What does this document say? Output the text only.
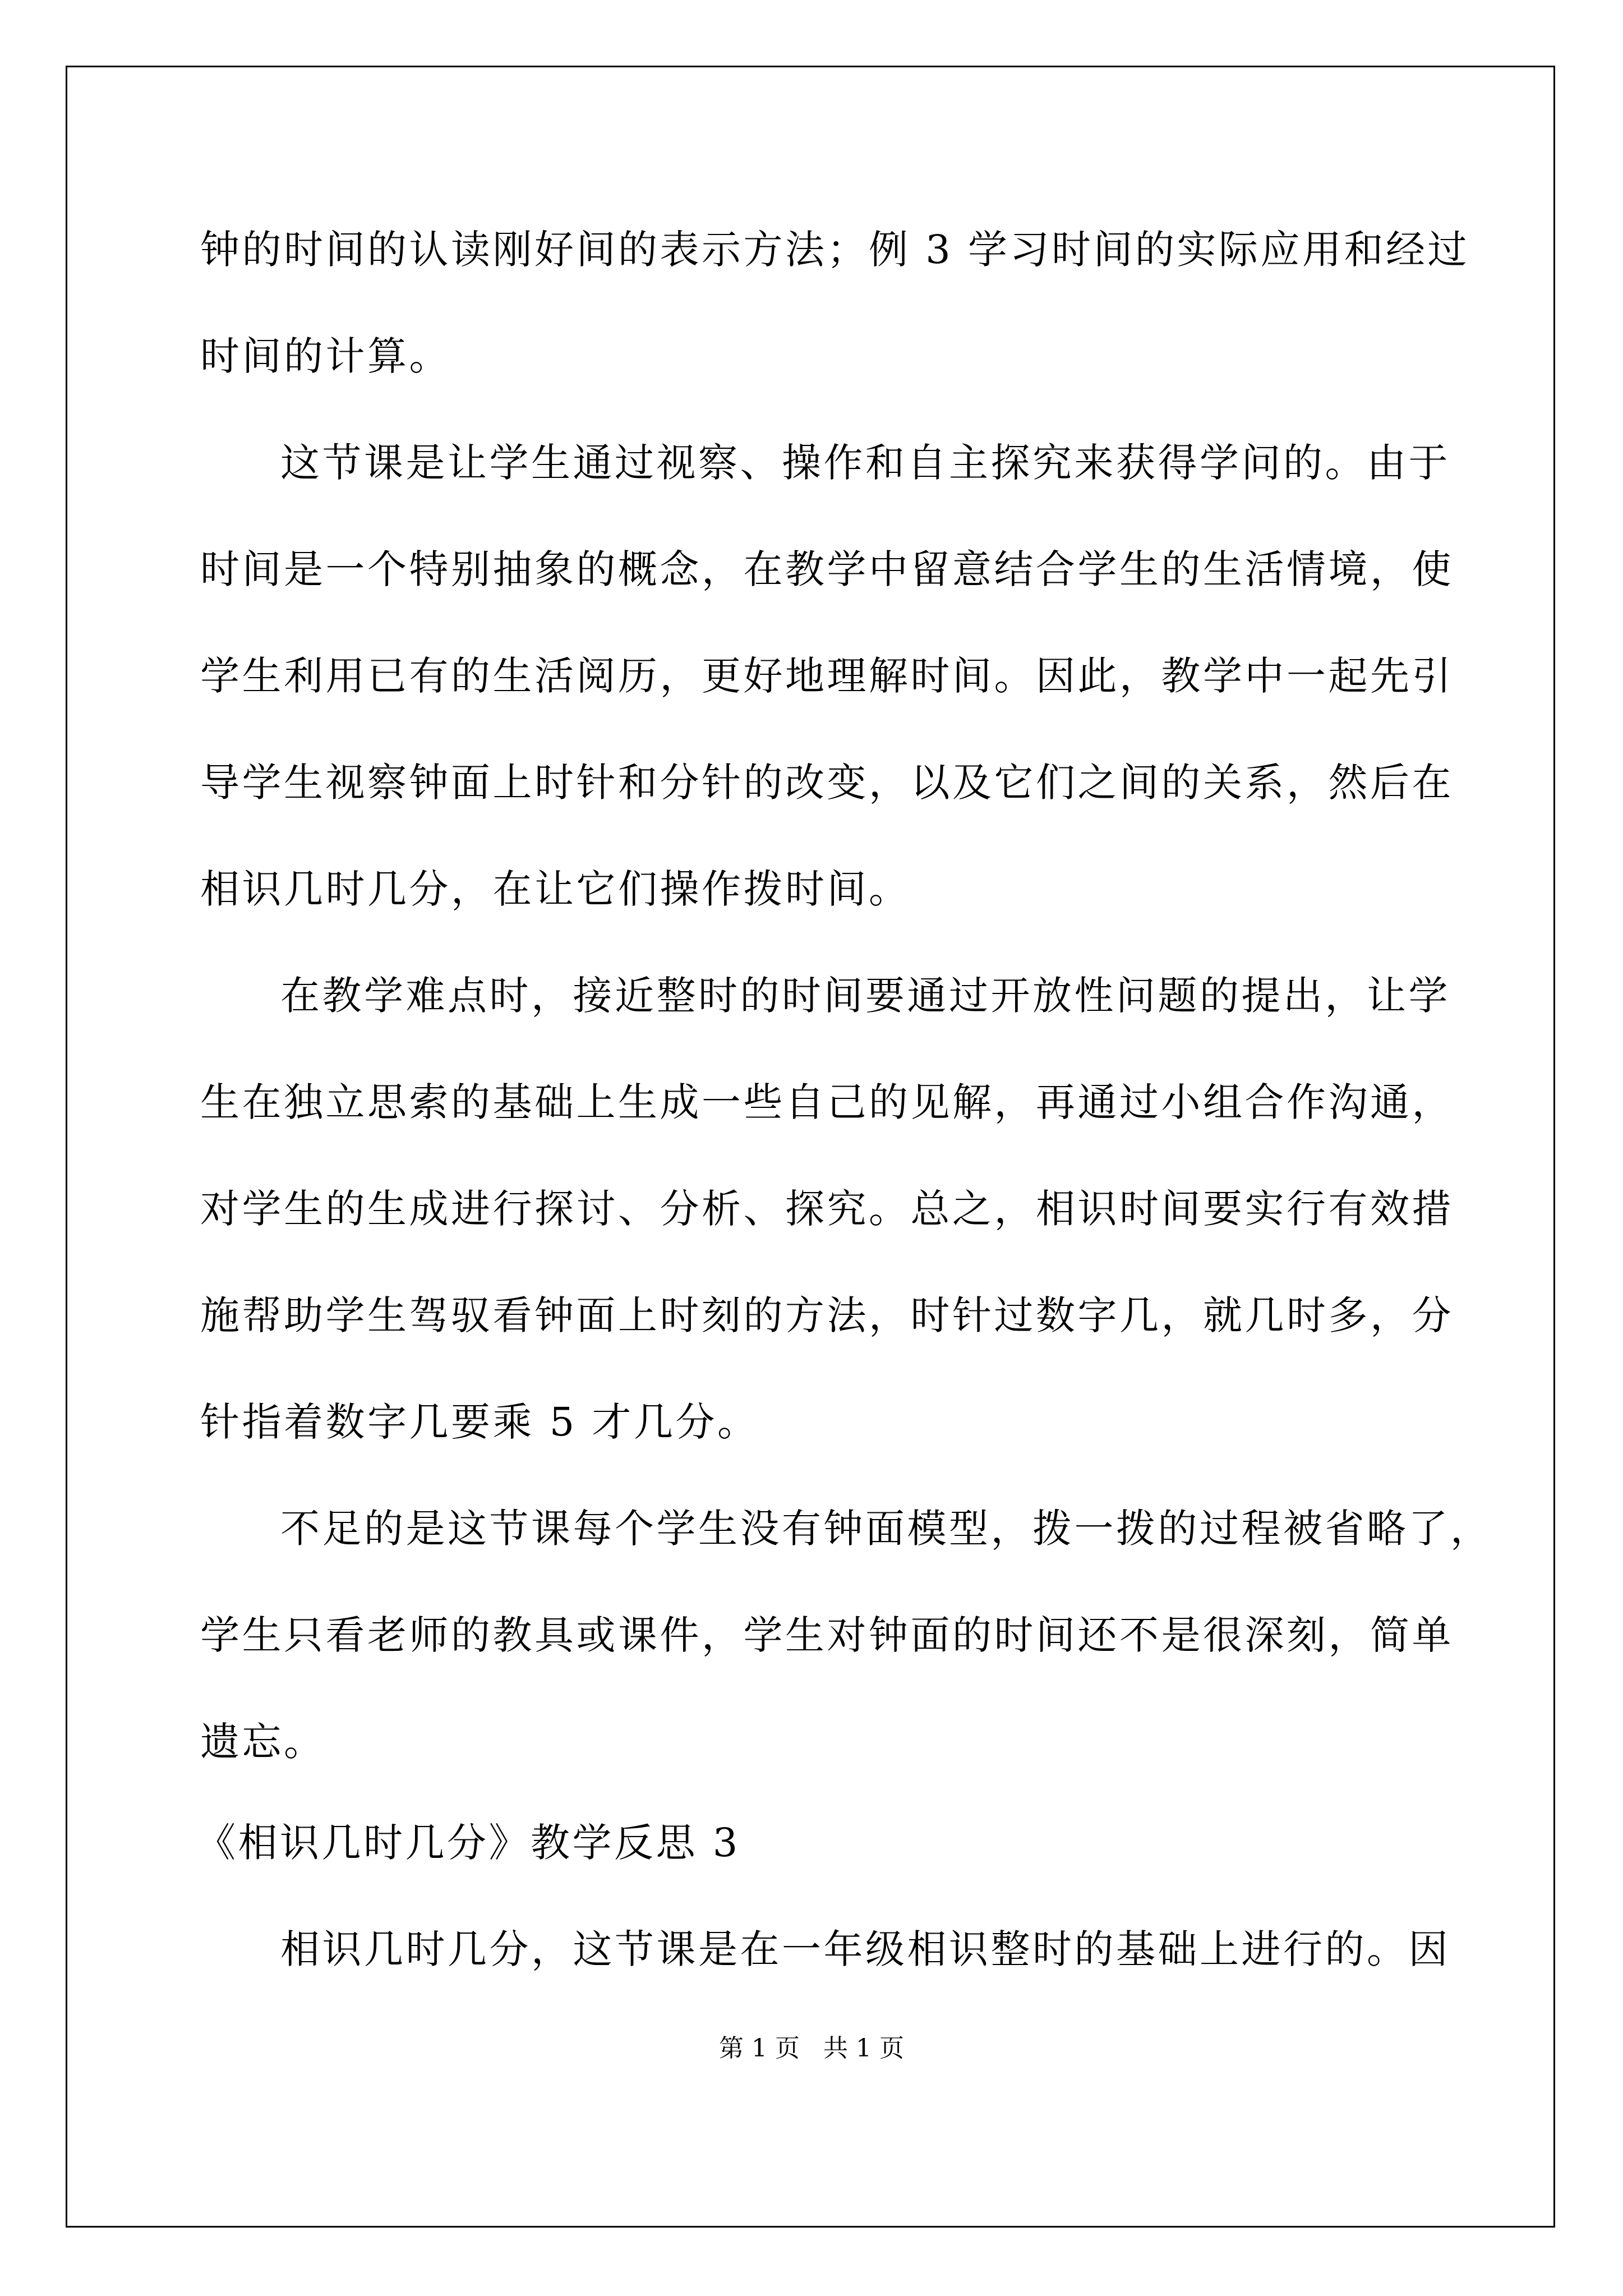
钟的时间的认读刚好间的表示方法；例 3 学习时间的实际应用和经过
时间的计算。
这节课是让学生通过视察、操作和自主探究来获得学问的。由于
时间是一个特别抽象的概念，在教学中留意结合学生的生活情境，使
学生利用已有的生活阅历，更好地理解时间。因此，教学中一起先引
导学生视察钟面上时针和分针的改变，以及它们之间的关系，然后在
相识几时几分，在让它们操作拨时间。
在教学难点时，接近整时的时间要通过开放性问题的提出，让学
生在独立思索的基础上生成一些自己的见解，再通过小组合作沟通，
对学生的生成进行探讨、分析、探究。总之，相识时间要实行有效措
施帮助学生驾驭看钟面上时刻的方法，时针过数字几，就几时多，分
针指着数字几要乘 5 才几分。
不足的是这节课每个学生没有钟面模型，拨一拨的过程被省略了，
学生只看老师的教具或课件，学生对钟面的时间还不是很深刻，简单
遗忘。
《相识几时几分》教学反思 3
相识几时几分，这节课是在一年级相识整时的基础上进行的。因
第 1 页   共 1 页
